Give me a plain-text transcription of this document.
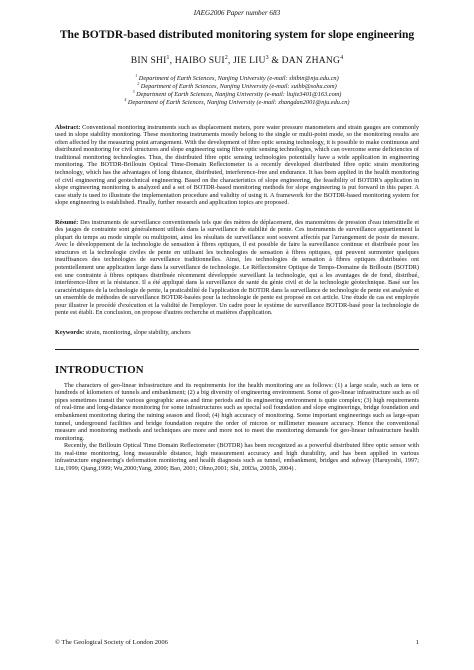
IAEG2006 Paper number 683
The BOTDR-based distributed monitoring system for slope engineering
BIN SHI$^1$, HAIBO SUI$^2$, JIE LIU$^3$ & DAN ZHANG$^4$
$^1$ Department of Earth Sciences, Nanjing University (e-mail: shibin@nju.edu.cn)
$^2$ Department of Earth Sciences, Nanjing University (e-mail: suihb@sohu.com)
$^3$ Department of Earth Sciences, Nanjing University (e-mail: liujie3401@163.com)
$^4$ Department of Earth Sciences, Nanjing University (e-mail: zhangdan2001@nju.edu.cn)
Abstract: Conventional monitoring instruments such as displacement meters, pore water pressure manometers and strain gauges are commonly used in slope stability monitoring. These monitoring instruments mostly belong to the single or multi-point mode, so the monitoring results are often affected by the measuring point arrangement. With the development of fibre optic sensing technology, it is possible to make continuous and distributed monitoring for civil structures and slope engineering using fibre optic sensing technologies, which can overcome some deficiencies of traditional monitoring technologies. Thus, the distributed fibre optic sensing technologies potentially have a wide application in engineering monitoring. The BOTDR-Brillouin Optical Time-Domain Reflectometer is a recently developed distributed fibre optic strain monitoring technology, which has the advantages of long distance, distributed, interference-free and endurance. It has been applied in the health monitoring of civil engineering and geotechnical engineering. Based on the characteristics of slope engineering, the feasibility of BOTDR's application in slope engineering monitoring is analyzed and a set of BOTDR-based monitoring methods for slope engineering is put forward in this paper. A case study is used to illustrate the implementation procedure and validity of using it. A framework for the BOTDR-based monitoring system for slope engineering is established. Finally, further research and application topics are proposed.
Résumé: Des instruments de surveillance conventionnels tels que des mètres de déplacement, des manomètres de pression d'eau interstitielle et des jauges de contrainte sont généralement utilisés dans la surveillance de stabilité de pente. Ces instruments de surveillance appartiennent la plupart du temps au mode simple ou multipoint, ainsi les résultats de surveillance sont souvent affectés par l'arrangement de poste de mesure. Avec le développement de la technologie de sensation à fibres optiques, il est possible de faire la surveillance continue et distribuée pour les structures et la technologie civiles de pente en utilisant les technologies de sensation à fibres optiques, qui peuvent surmonter quelques insuffisances des technologies de surveillance traditionnelles. Ainsi, les technologies de sensation à fibres optiques distribuées ont potentiellement une application large dans la surveillance de technologie. Le Réflectomètre Optique de Temps-Domaine de Brillouin (BOTDR) est une contrainte à fibres optiques distribuée récemment développée surveillant la technologie, qui a les avantages de de fond, distribué, interférence-libre et la résistance. Il a été appliqué dans la surveillance de santé du génie civil et de la technologie géotechnique. Basé sur les caractéristiques de la technologie de pente, la praticabilité de l'application de BOTDR dans la surveillance de technologie de pente est analysée et un ensemble de méthodes de surveillance BOTDR-basées pour la technologie de pente est proposé en cet article. Une étude de cas est employée pour illustrer le procédé d'exécution et la validité de l'employer. Un cadre pour le système de surveillance BOTDR-basé pour la technologie de pente est établi. En conclusion, on propose d'autres recherche et matières d'application.
Keywords: strain, monitoring, slope stability, anchors
INTRODUCTION

The characters of geo-linear infrastructure and its requirements for the health monitoring are as follows: (1) a large scale, such as tens or hundreds of kilometers of tunnels and embankment; (2) a big diversity of engineering environment. Some of geo-linear infrastructure such as oil pipes sometimes transit the various geographic areas and time periods and its engineering environment is quite complex; (3) high requirements of real-time and long-distance monitoring for some infrastructures such as special soil foundation and slope engineerings, bridge foundation and embankment monitoring during the raining season and flood; (4) high accuracy of monitoring. Some important engineerings such as large-span tunnel, underground facilities and bridge foundation require the order of micron or millimeter measure accuracy. Hence the conventional measure and monitoring methods and techniques are more and more not to meet the monitoring demands for geo-linear infrastructure health monitoring.

Recently, the Brillouin Optical Time Domain Reflectometer (BOTDR) has been recognized as a powerful distributed fibre optic sensor with its real-time monitoring, long measurable distance, high measurement accuracy and high durability, and has been applied in various infrastructure engineering's deformation monitoring and health diagnosis such as tunnel, embankment, bridges and subway (Haruyoshi, 1997; Liu,1999; Qiang,1999; Wu,2000;Yang, 2000; Bao, 2001; Ohno,2001; Shi, 2003a, 2003b, 2004) .

© The Geological Society of London 2006	1
